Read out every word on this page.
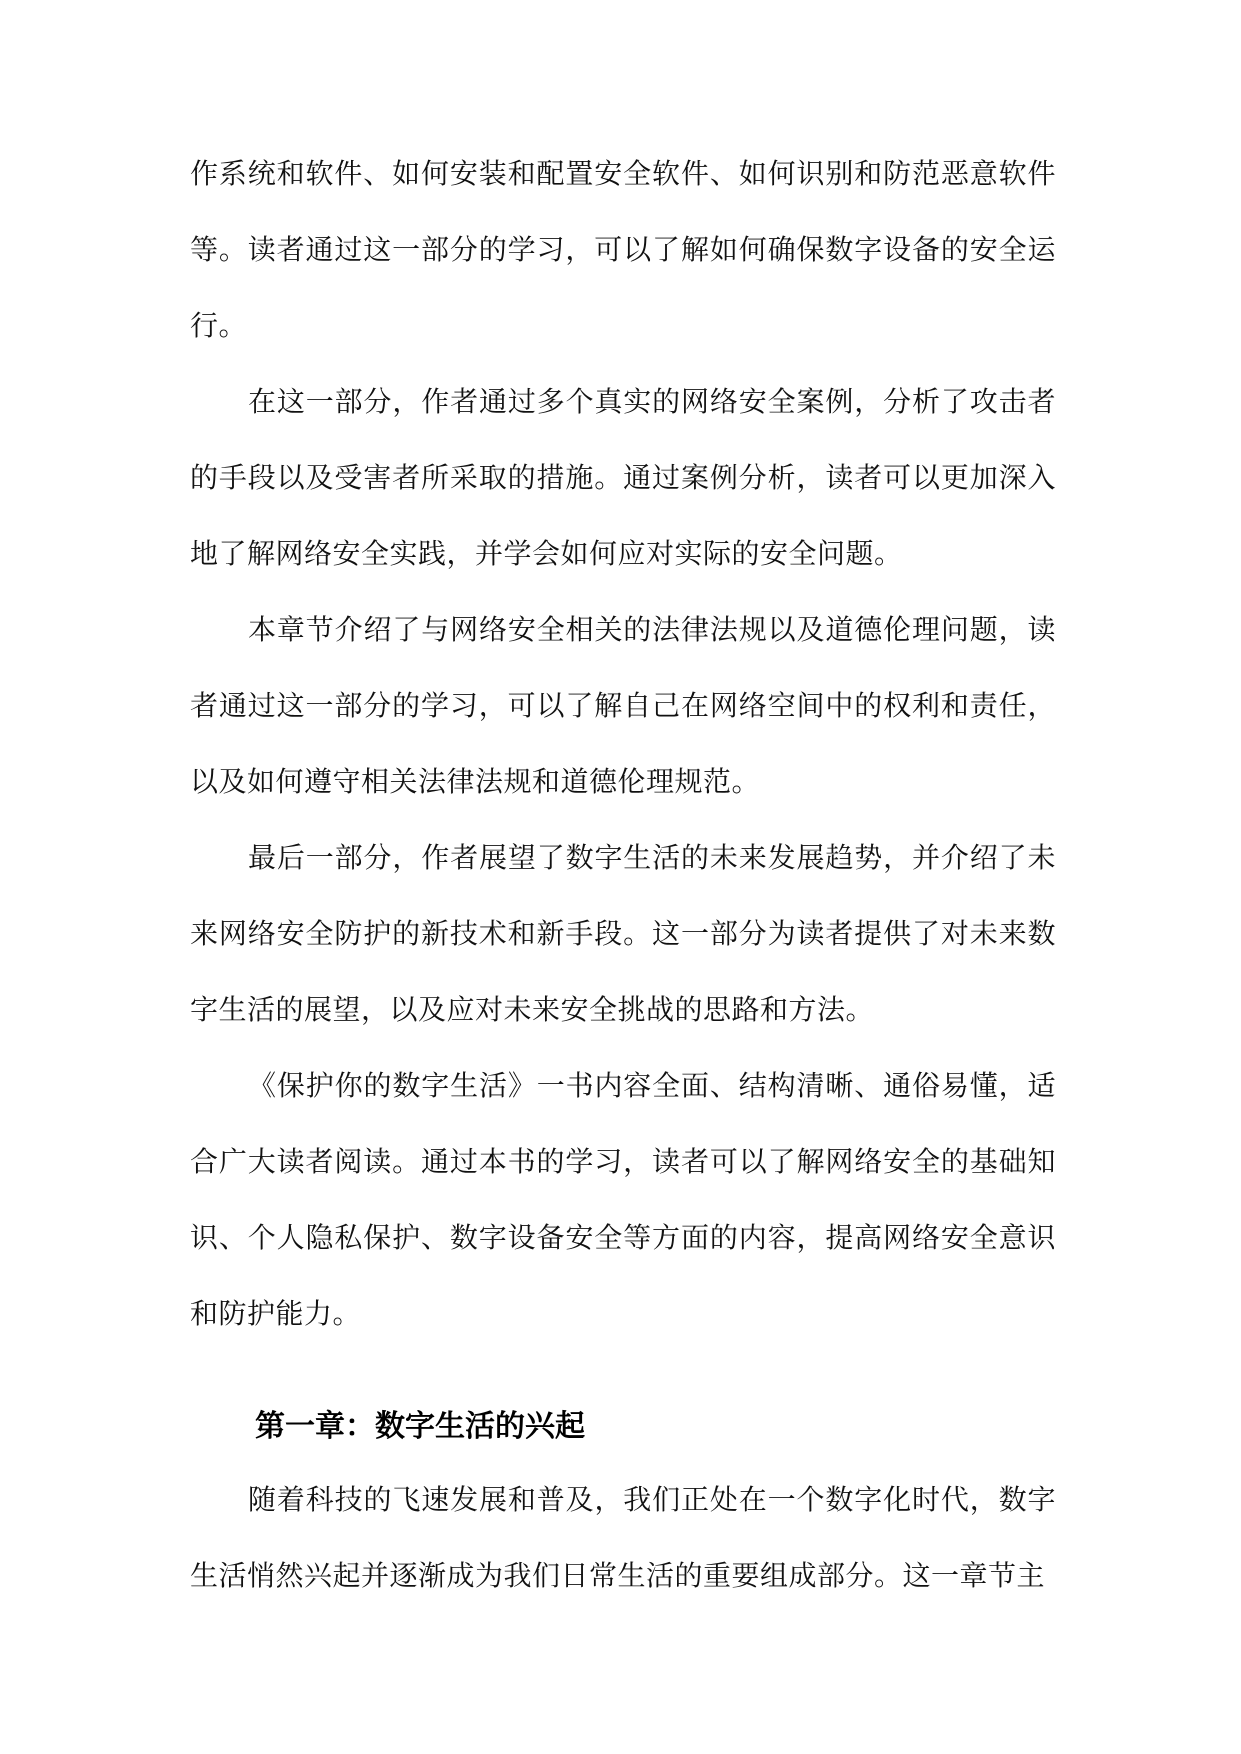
作系统和软件、如何安装和配置安全软件、如何识别和防范恶意软件等。读者通过这一部分的学习，可以了解如何确保数字设备的安全运行。

在这一部分，作者通过多个真实的网络安全案例，分析了攻击者的手段以及受害者所采取的措施。通过案例分析，读者可以更加深入地了解网络安全实践，并学会如何应对实际的安全问题。

本章节介绍了与网络安全相关的法律法规以及道德伦理问题，读者通过这一部分的学习，可以了解自己在网络空间中的权利和责任，以及如何遵守相关法律法规和道德伦理规范。

最后一部分，作者展望了数字生活的未来发展趋势，并介绍了未来网络安全防护的新技术和新手段。这一部分为读者提供了对未来数字生活的展望，以及应对未来安全挑战的思路和方法。

《保护你的数字生活》一书内容全面、结构清晰、通俗易懂，适合广大读者阅读。通过本书的学习，读者可以了解网络安全的基础知识、个人隐私保护、数字设备安全等方面的内容，提高网络安全意识和防护能力。

第一章：数字生活的兴起

随着科技的飞速发展和普及，我们正处在一个数字化时代，数字生活悄然兴起并逐渐成为我们日常生活的重要组成部分。这一章节主
